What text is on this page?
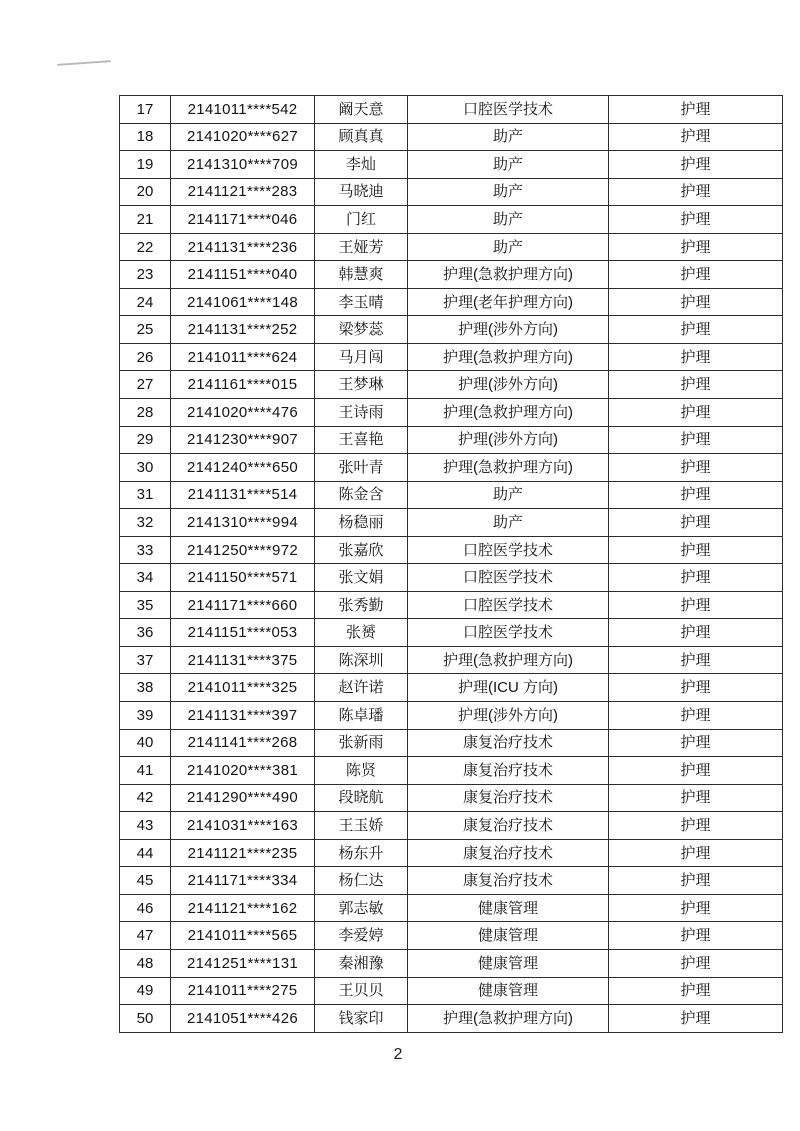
17	2141011****542	阚天意	口腔医学技术	护理
18	2141020****627	顾真真	助产	护理
19	2141310****709	李灿	助产	护理
20	2141121****283	马晓迪	助产	护理
21	2141171****046	门红	助产	护理
22	2141131****236	王娅芳	助产	护理
23	2141151****040	韩慧爽	护理(急救护理方向)	护理
24	2141061****148	李玉晴	护理(老年护理方向)	护理
25	2141131****252	梁梦蕊	护理(涉外方向)	护理
26	2141011****624	马月闯	护理(急救护理方向)	护理
27	2141161****015	王梦琳	护理(涉外方向)	护理
28	2141020****476	王诗雨	护理(急救护理方向)	护理
29	2141230****907	王喜艳	护理(涉外方向)	护理
30	2141240****650	张叶青	护理(急救护理方向)	护理
31	2141131****514	陈金含	助产	护理
32	2141310****994	杨稳丽	助产	护理
33	2141250****972	张嘉欣	口腔医学技术	护理
34	2141150****571	张文娟	口腔医学技术	护理
35	2141171****660	张秀勤	口腔医学技术	护理
36	2141151****053	张赟	口腔医学技术	护理
37	2141131****375	陈深圳	护理(急救护理方向)	护理
38	2141011****325	赵许诺	护理(ICU 方向)	护理
39	2141131****397	陈卓璠	护理(涉外方向)	护理
40	2141141****268	张新雨	康复治疗技术	护理
41	2141020****381	陈贤	康复治疗技术	护理
42	2141290****490	段晓航	康复治疗技术	护理
43	2141031****163	王玉娇	康复治疗技术	护理
44	2141121****235	杨东升	康复治疗技术	护理
45	2141171****334	杨仁达	康复治疗技术	护理
46	2141121****162	郭志敏	健康管理	护理
47	2141011****565	李爱婷	健康管理	护理
48	2141251****131	秦湘豫	健康管理	护理
49	2141011****275	王贝贝	健康管理	护理
50	2141051****426	钱家印	护理(急救护理方向)	护理
2
